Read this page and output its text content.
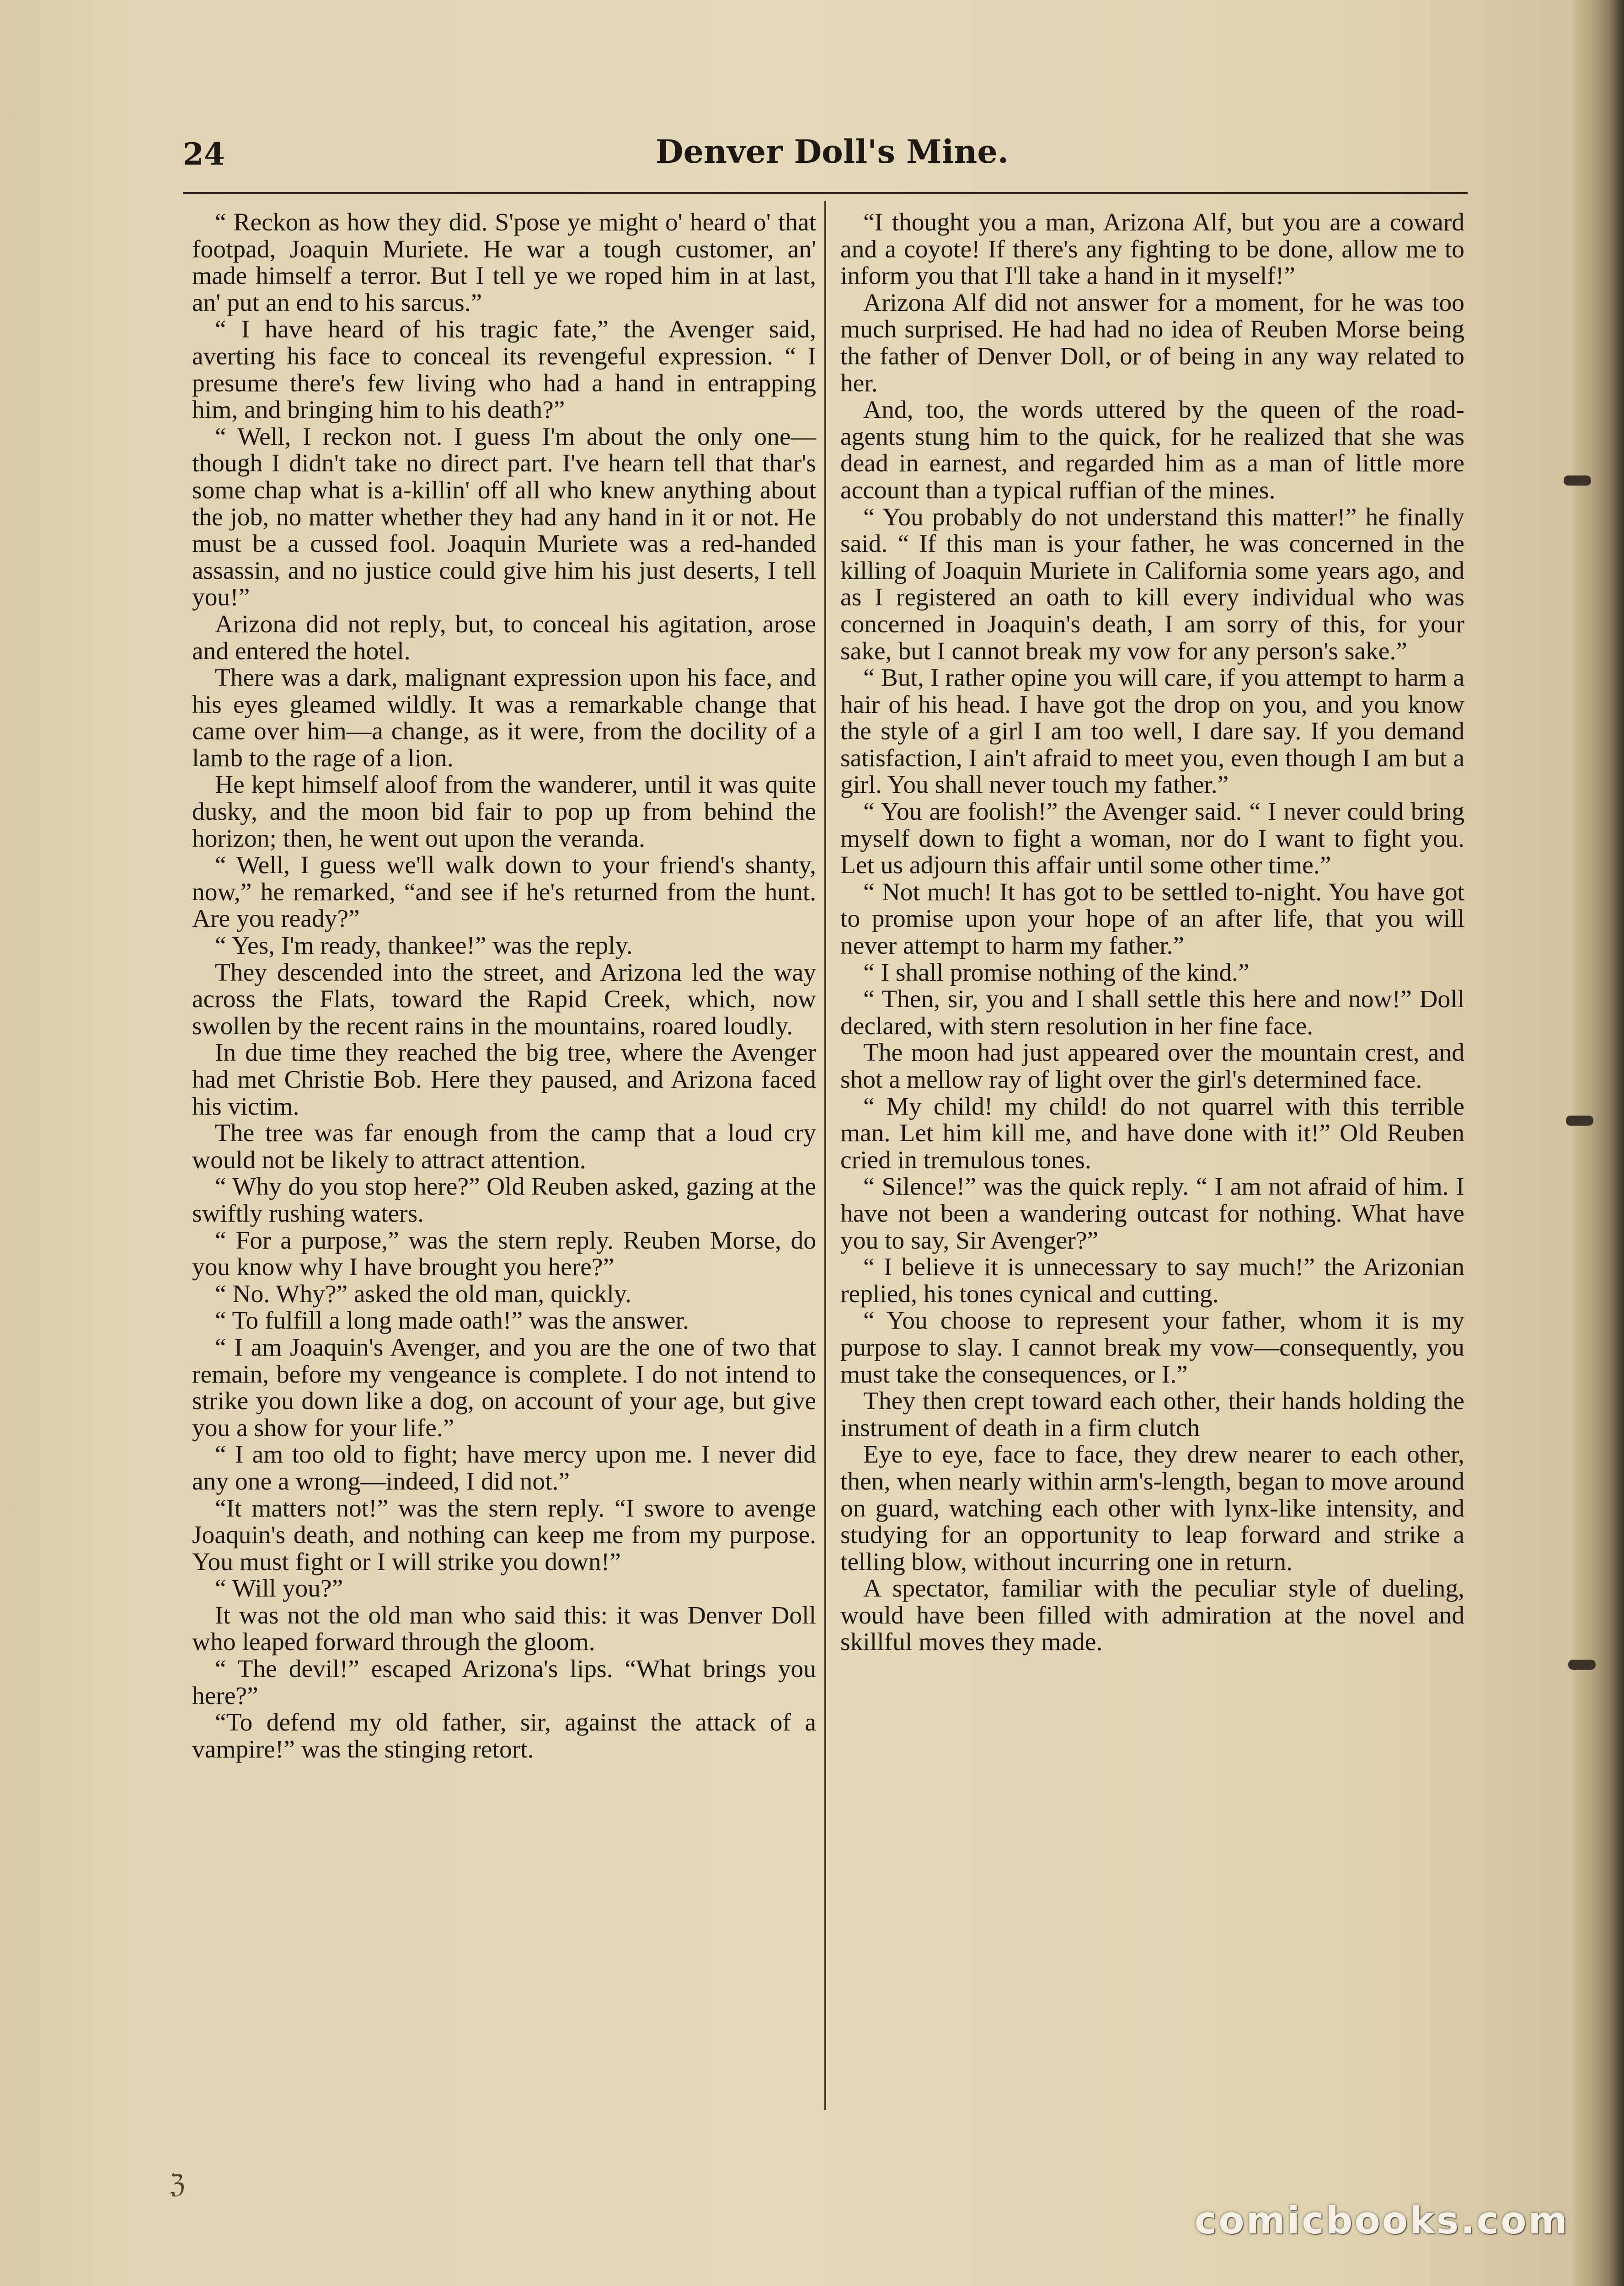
24	Denver Doll's Mine.

“ Reckon as how they did. S'pose ye might o' heard o' that footpad, Joaquin Muriete. He war a tough customer, an' made himself a terror. But I tell ye we roped him in at last, an' put an end to his sarcus.”

“ I have heard of his tragic fate,” the Avenger said, averting his face to conceal its revengeful expression. “ I presume there's few living who had a hand in entrapping him, and bringing him to his death?”

“ Well, I reckon not. I guess I'm about the only one—though I didn't take no direct part. I've hearn tell that thar's some chap what is a-killin' off all who knew anything about the job, no matter whether they had any hand in it or not. He must be a cussed fool. Joaquin Muriete was a red-handed assassin, and no justice could give him his just deserts, I tell you!”

Arizona did not reply, but, to conceal his agitation, arose and entered the hotel.

There was a dark, malignant expression upon his face, and his eyes gleamed wildly. It was a remarkable change that came over him—a change, as it were, from the docility of a lamb to the rage of a lion.

He kept himself aloof from the wanderer, until it was quite dusky, and the moon bid fair to pop up from behind the horizon; then, he went out upon the veranda.

“ Well, I guess we'll walk down to your friend's shanty, now,” he remarked, “and see if he's returned from the hunt. Are you ready?”

“ Yes, I'm ready, thankee!” was the reply.

They descended into the street, and Arizona led the way across the Flats, toward the Rapid Creek, which, now swollen by the recent rains in the mountains, roared loudly.

In due time they reached the big tree, where the Avenger had met Christie Bob. Here they paused, and Arizona faced his victim.

The tree was far enough from the camp that a loud cry would not be likely to attract attention.

“ Why do you stop here?” Old Reuben asked, gazing at the swiftly rushing waters.

“ For a purpose,” was the stern reply. Reuben Morse, do you know why I have brought you here?”

“ No. Why?” asked the old man, quickly.

“ To fulfill a long made oath!” was the answer.

“ I am Joaquin's Avenger, and you are the one of two that remain, before my vengeance is complete. I do not intend to strike you down like a dog, on account of your age, but give you a show for your life.”

“ I am too old to fight; have mercy upon me. I never did any one a wrong—indeed, I did not.”

“It matters not!” was the stern reply. “I swore to avenge Joaquin's death, and nothing can keep me from my purpose. You must fight or I will strike you down!”

“ Will you?”

It was not the old man who said this: it was Denver Doll who leaped forward through the gloom.

“ The devil!” escaped Arizona's lips. “What brings you here?”

“To defend my old father, sir, against the attack of a vampire!” was the stinging retort.

“I thought you a man, Arizona Alf, but you are a coward and a coyote! If there's any fighting to be done, allow me to inform you that I'll take a hand in it myself!”

Arizona Alf did not answer for a moment, for he was too much surprised. He had had no idea of Reuben Morse being the father of Denver Doll, or of being in any way related to her.

And, too, the words uttered by the queen of the road-agents stung him to the quick, for he realized that she was dead in earnest, and regarded him as a man of little more account than a typical ruffian of the mines.

“ You probably do not understand this matter!” he finally said. “ If this man is your father, he was concerned in the killing of Joaquin Muriete in California some years ago, and as I registered an oath to kill every individual who was concerned in Joaquin's death, I am sorry of this, for your sake, but I cannot break my vow for any person's sake.”

“ But, I rather opine you will care, if you attempt to harm a hair of his head. I have got the drop on you, and you know the style of a girl I am too well, I dare say. If you demand satisfaction, I ain't afraid to meet you, even though I am but a girl. You shall never touch my father.”

“ You are foolish!” the Avenger said. “ I never could bring myself down to fight a woman, nor do I want to fight you. Let us adjourn this affair until some other time.”

“ Not much! It has got to be settled to-night. You have got to promise upon your hope of an after life, that you will never attempt to harm my father.”

“ I shall promise nothing of the kind.”

“ Then, sir, you and I shall settle this here and now!” Doll declared, with stern resolution in her fine face.

The moon had just appeared over the mountain crest, and shot a mellow ray of light over the girl's determined face.

“ My child! my child! do not quarrel with this terrible man. Let him kill me, and have done with it!” Old Reuben cried in tremulous tones.

“ Silence!” was the quick reply. “ I am not afraid of him. I have not been a wandering outcast for nothing. What have you to say, Sir Avenger?”

“ I believe it is unnecessary to say much!” the Arizonian replied, his tones cynical and cutting.

“ You choose to represent your father, whom it is my purpose to slay. I cannot break my vow—consequently, you must take the consequences, or I.”

They then crept toward each other, their hands holding the instrument of death in a firm clutch

Eye to eye, face to face, they drew nearer to each other, then, when nearly within arm's-length, began to move around on guard, watching each other with lynx-like intensity, and studying for an opportunity to leap forward and strike a telling blow, without incurring one in return.

A spectator, familiar with the peculiar style of dueling, would have been filled with admiration at the novel and skillful moves they made.

ℨ
comicbooks.com
